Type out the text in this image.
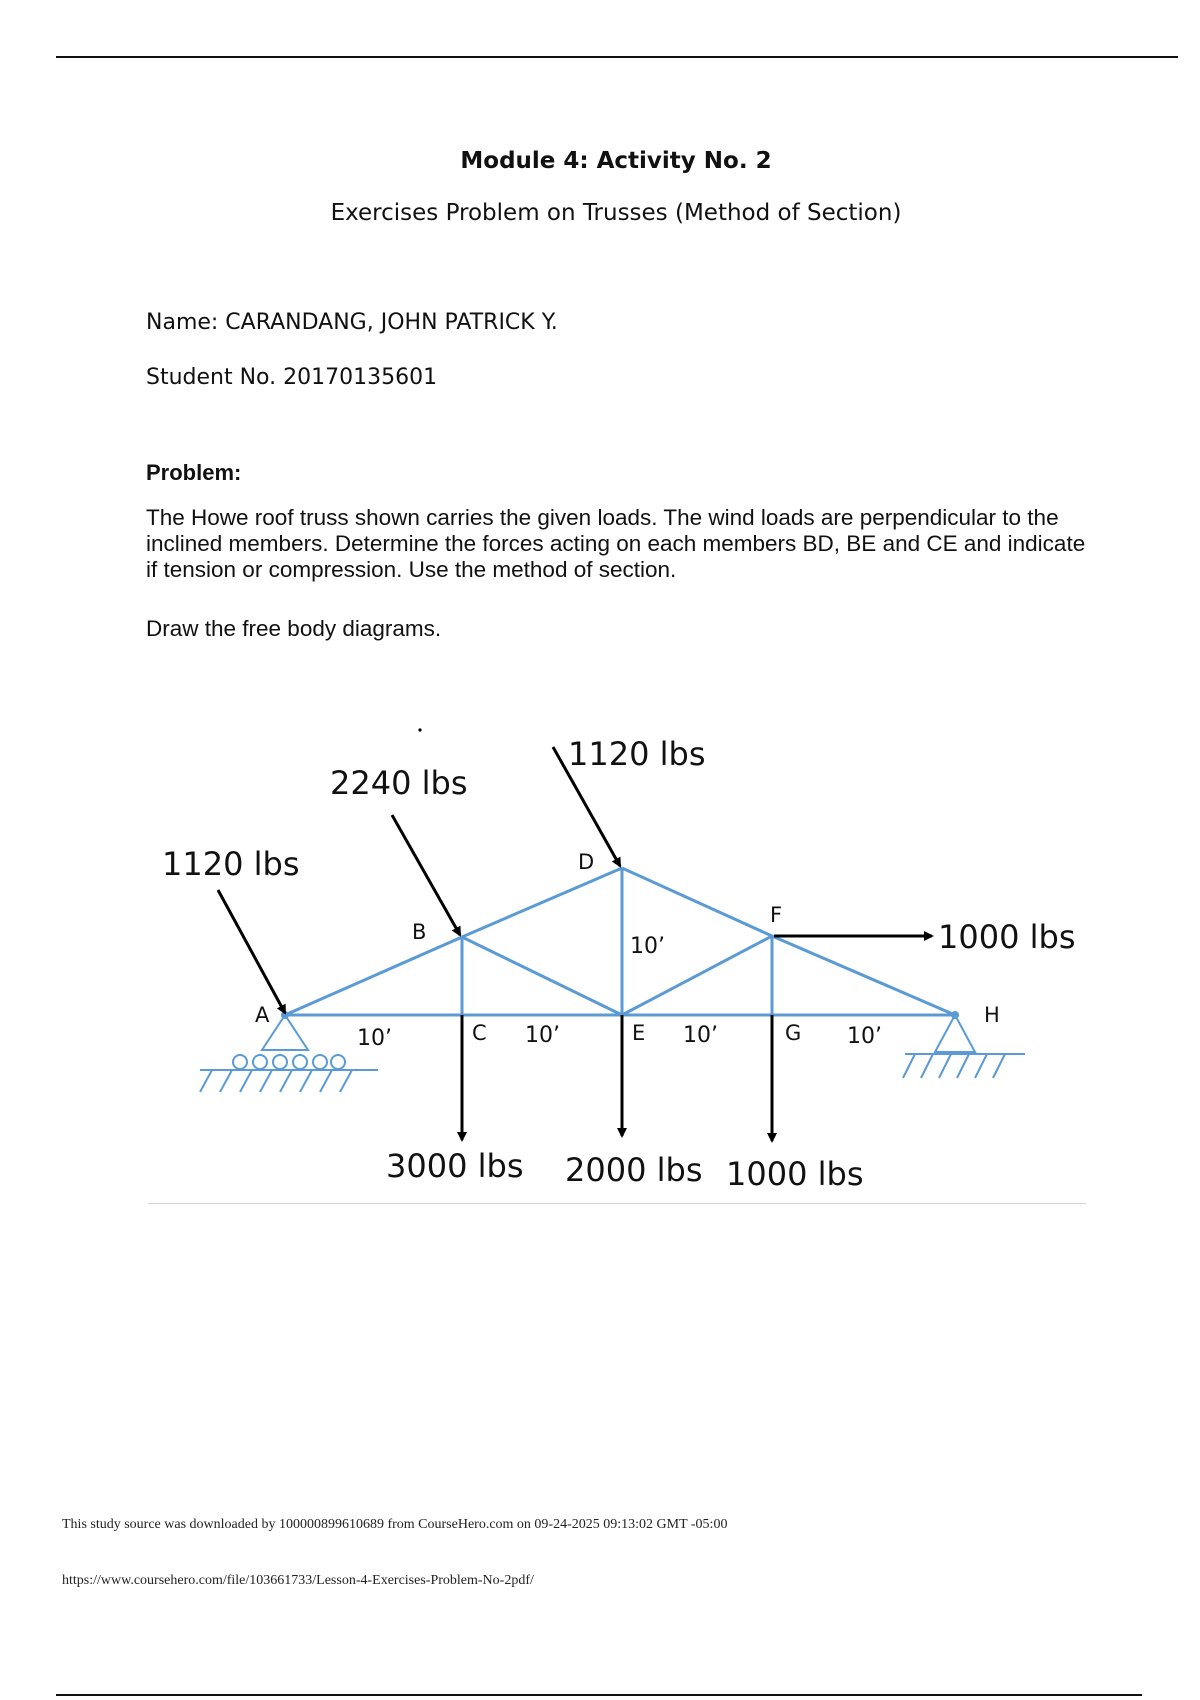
Module 4: Activity No. 2
Exercises Problem on Trusses (Method of Section)
Name: CARANDANG, JOHN PATRICK Y.
Student No. 20170135601
Problem:

The Howe roof truss shown carries the given loads. The wind loads are perpendicular to the inclined members. Determine the forces acting on each members BD, BE and CE and indicate if tension or compression. Use the method of section.

Draw the free body diagrams.

A
B
C
D
E
F
G
H
10’	10’	10’	10’
10’
1120 lbs
2240 lbs
1120 lbs
1000 lbs
3000 lbs 2000 lbs 1000 lbs
This study source was downloaded by 100000899610689 from CourseHero.com on 09-24-2025 09:13:02 GMT -05:00
https://www.coursehero.com/file/103661733/Lesson-4-Exercises-Problem-No-2pdf/
